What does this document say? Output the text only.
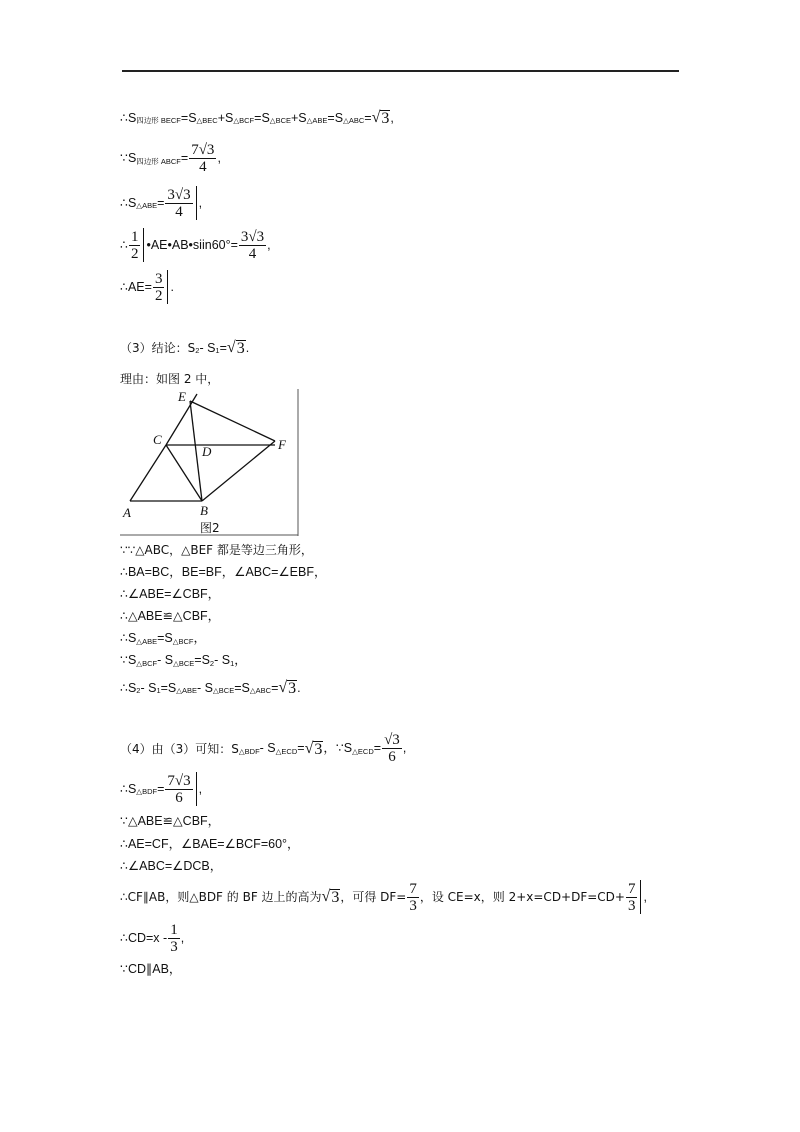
∴S 四边形 BECF =S △BEC +S △BCF =S △BCE +S △ABE =S △ABC = √ 3 ,
∵S 四边形 ABCF = $\frac{7√3}{4}$ ,
∴S △ABE = $\frac{3√3}{4}$ ,
∴
1
2
•AE•AB•siin60°= $\frac{3√3}{4}$ ,
∴AE= $\frac{3}{2}$ .
（3）结论：S 2 - S 1 = √ 3 .
理由：如图 2 中，
E
C
D	F
A	B
图2
∵∵△ABC，△BEF 都是等边三角形，
∴BA=BC，BE=BF，∠ABC=∠EBF，
∴∠ABE=∠CBF，
∴△ABE≌△CBF，
∴S △ABE =S △BCF ，
∵S △BCF - S △BCE =S 2 - S 1 ，
∴S 2 - S 1 =S △ABE - S △BCE =S △ABC = √ 3 .
（4）由（3）可知：S △BDF - S △ECD = √ 3 ，∵S △ECD = $\frac{√3}{6}$ ,
∴S △BDF = $\frac{7√3}{6}$ ,
∵△ABE≌△CBF，
∴AE=CF，∠BAE=∠BCF=60°，
∴∠ABC=∠DCB，
∴CF∥AB，则△BDF 的 BF 边上的高为 √ 3 ，可得 $DF= \frac{7}{3}$ ，设 CE=x，则 $2+x=CD+DF=CD+ \frac{7}{3}$ ,
∴CD=x -
1
3
,
∵CD∥AB，
